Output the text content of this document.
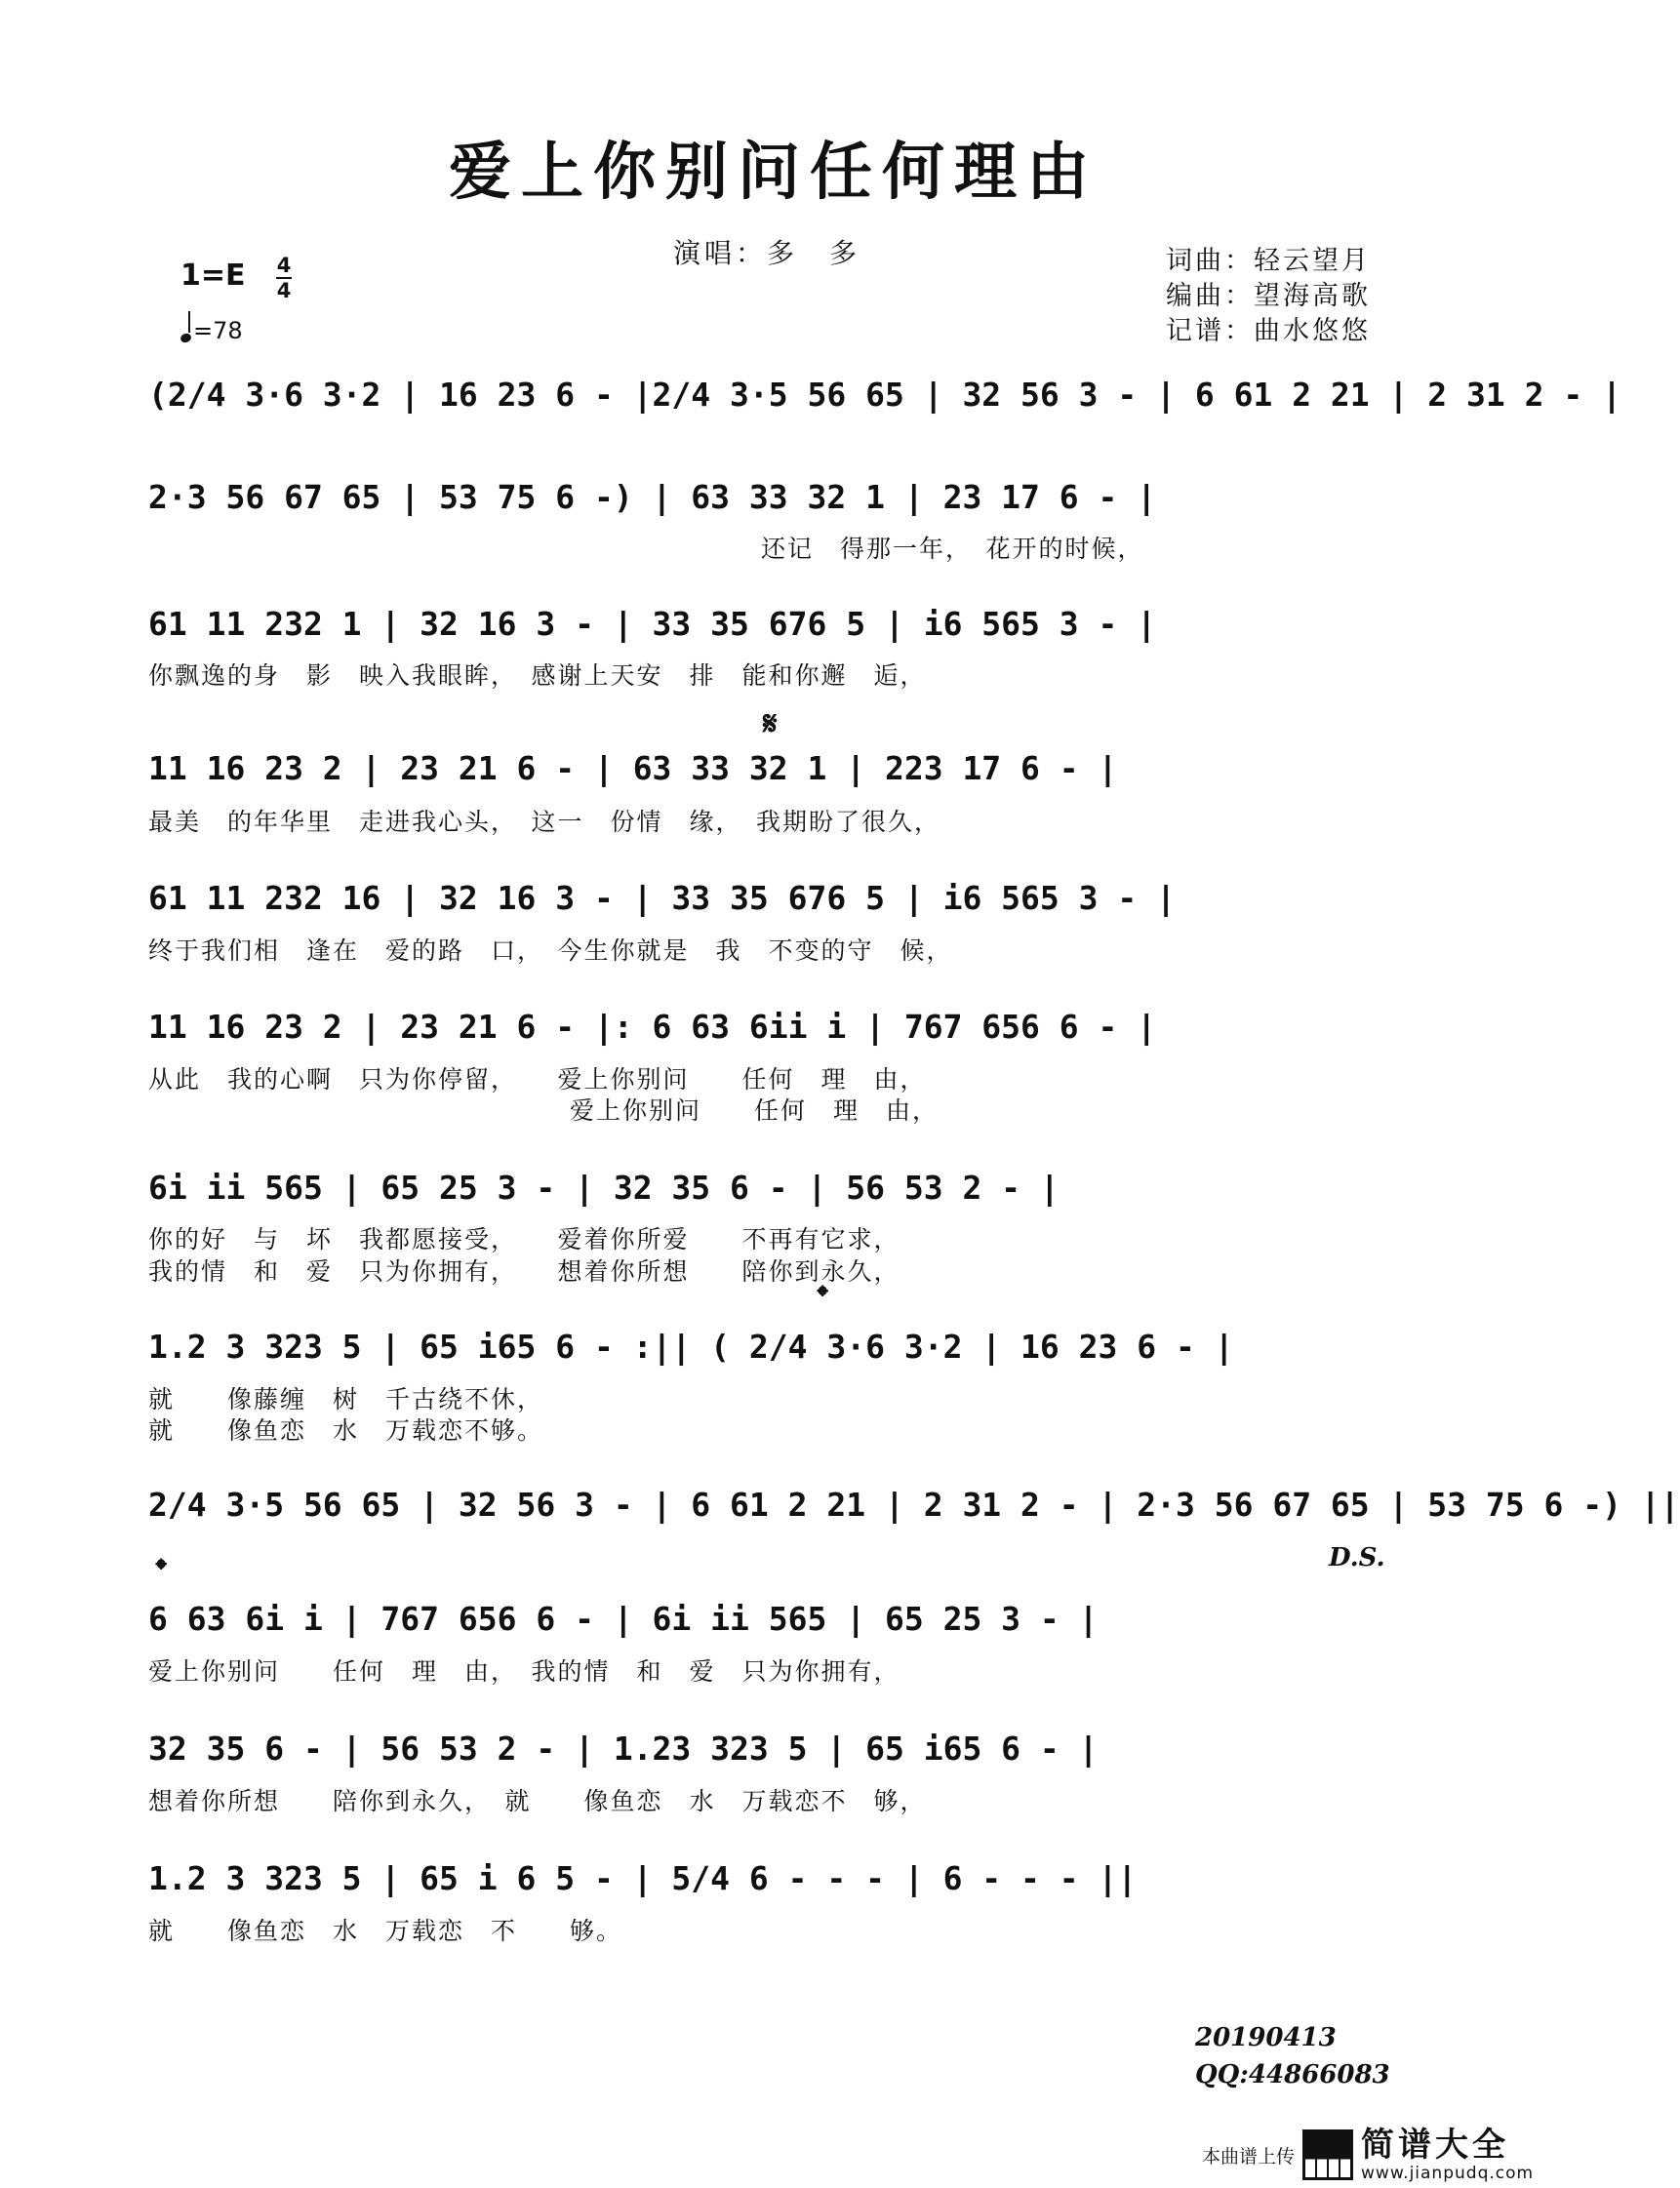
爱上你别问任何理由
演唱：多　多	词曲：轻云望月
编曲：望海高歌
记谱：曲水悠悠
1=E 4
4
=78
(2/4 3·6 3·2 | 16 23 6 - |2/4 3·5 56 65 | 32 56 3 - | 6 61 2 21 | 2 31 2 - |
2·3 56 67 65 | 53 75 6 -) | 63 33 32 1 | 23 17 6 - |
还记　得那一年，　花开的时候，
61 11 232 1 | 32 16 3 - | 33 35 676 5 | i6 565 3 - |
你飘逸的身　影　映入我眼眸，　感谢上天安　排　能和你邂　逅，
𝄋
11 16 23 2 | 23 21 6 - | 63 33 32 1 | 223 17 6 - |
最美　的年华里　走进我心头，　这一　份情　缘，　我期盼了很久，
61 11 232 16 | 32 16 3 - | 33 35 676 5 | i6 565 3 - |
终于我们相　逢在　爱的路　口，　今生你就是　我　不变的守　候，
11 16 23 2 | 23 21 6 - |: 6 63 6ii i | 767 656 6 - |
从此　我的心啊　只为你停留，　　爱上你别问　　任何　理　由，
　　　　　　　　　　　　　　　　爱上你别问　　任何　理　由，
6i ii 565 | 65 25 3 - | 32 35 6 - | 56 53 2 - |
你的好　与　坏　我都愿接受，　　爱着你所爱　　不再有它求，
我的情　和　爱　只为你拥有，　　想着你所想　　陪你到永久，
𝄌
1.2 3 323 5 | 65 i65 6 - :|| ( 2/4 3·6 3·2 | 16 23 6 - |
就　　像藤缠　树　千古绕不休，
就　　像鱼恋　水　万载恋不够。
2/4 3·5 56 65 | 32 56 3 - | 6 61 2 21 | 2 31 2 - | 2·3 56 67 65 | 53 75 6 -) ||
D.S.
𝄌
6 63 6i i | 767 656 6 - | 6i ii 565 | 65 25 3 - |
爱上你别问　　任何　理　由，　我的情　和　爱　只为你拥有，
32 35 6 - | 56 53 2 - | 1.23 323 5 | 65 i65 6 - |
想着你所想　　陪你到永久，　就　　像鱼恋　水　万载恋不　够，
1.2 3 323 5 | 65 i 6 5 - | 5/4 6 - - - | 6 - - - ||
就　　像鱼恋　水　万载恋　不　　够。
20190413
QQ:44866083
本曲谱上传 简谱大全
www.jianpudq.com
